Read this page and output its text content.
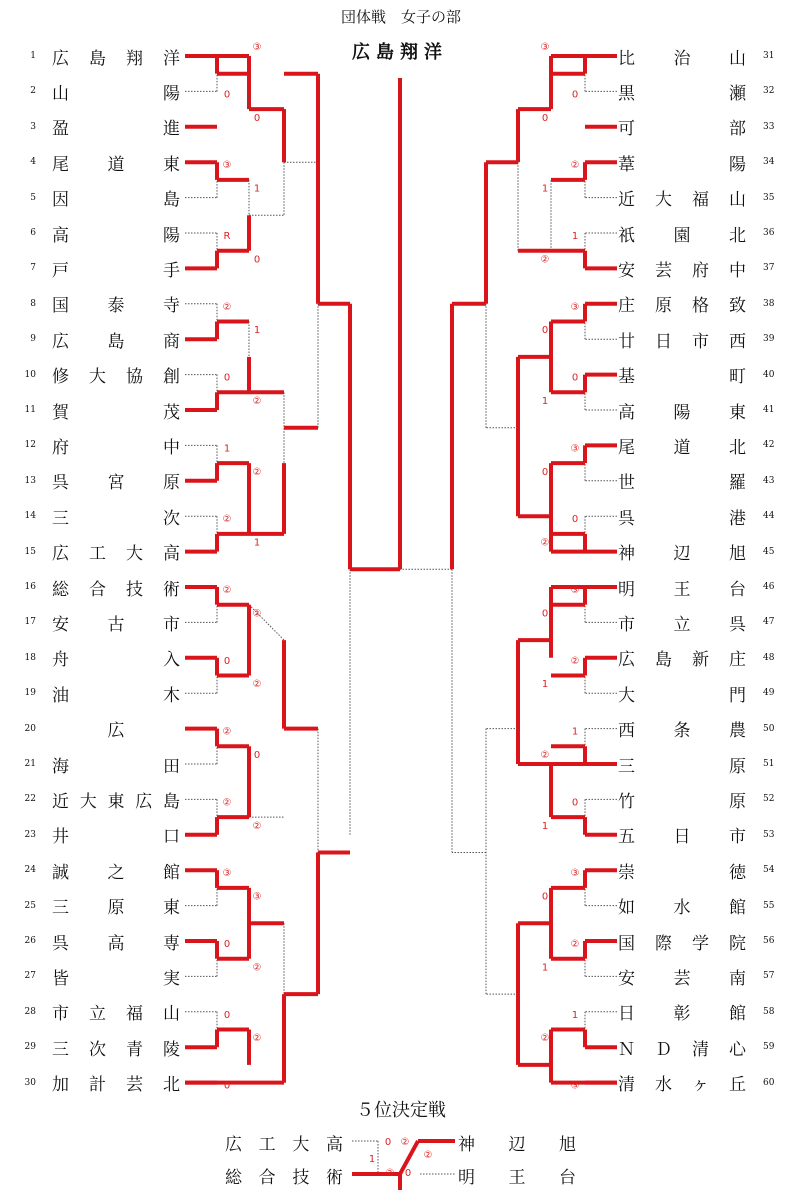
団体戦　女子の部
広島翔洋
③
0
0
③
1
R
0
②
1
0
②
1
②
②
1
②
②
0
②
②
0
②
②
③
③
0
②
0
②
0
③
0
0
②
1
1
②
③
0
0
1
③
0
0
②
③
0
②
1
1
②
0
1
③
0
②
1
1
②
③
0 ②
1
②
②
0
1 広 島 翔 洋
2 山	陽
3 盈	進
4 尾 道 東
5 因	島
6 高	陽
7 戸	手
8 国 泰 寺
9 広 島 商
10 修 大 協 創
11 賀	茂
12 府	中
13 呉 宮 原
14 三	次
15 広 工 大 高
16 総 合 技 術
17 安 古 市
18 舟	入
19 油	木
20	広
21 海	田
22 近 大 東 広 島
23 井	口
24 誠 之 館
25 三 原 東
26 呉 高 専
27 皆	実
28 市 立 福 山
29 三 次 青 陵
30 加 計 芸 北
比 治 山 31
黒	瀬 32
可	部 33
葦	陽 34
近 大 福 山 35
祇 園 北 36
安 芸 府 中 37
庄 原 格 致 38
廿 日 市 西 39
基	町 40
高 陽 東 41
尾 道 北 42
世	羅 43
呉	港 44
神 辺 旭 45
明 王 台 46
市 立 呉 47
広 島 新 庄 48
大	門 49
西 条 農 50
三	原 51
竹	原 52
五 日 市 53
崇	徳 54
如 水 館 55
国 際 学 院 56
安 芸 南 57
日 彰 館 58
Ｎ Ｄ 清 心 59
清 水 ヶ 丘 60
５位決定戦
広 工 大 高
総 合 技 術
神 辺 旭
明 王 台
